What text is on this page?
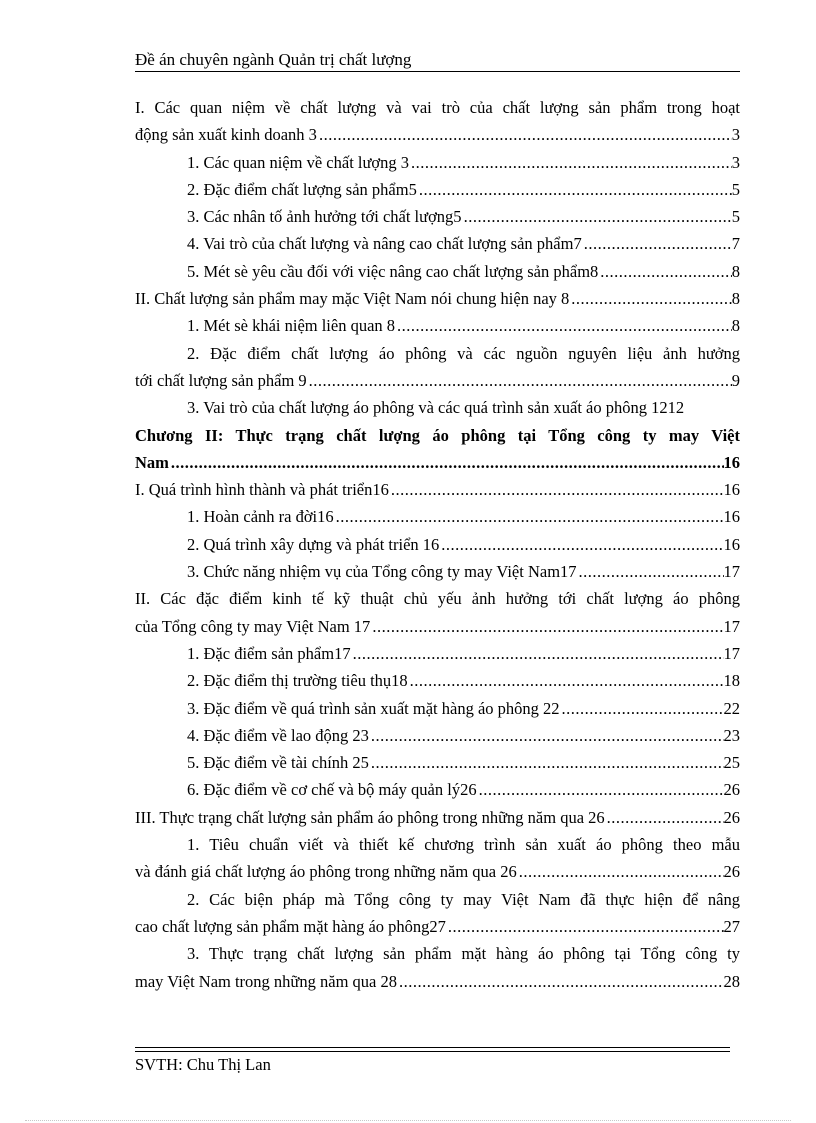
Đề án chuyên ngành Quản trị chất lượng
I. Các quan niệm về chất lượng và vai trò của chất lượng sản phẩm trong hoạt
động sản xuất kinh doanh 3 .....	3
1. Các quan niệm về chất lượng 3 .....	3
2. Đặc điểm chất lượng sản phẩm5 .....	5
3. Các nhân tố ảnh hưởng tới chất lượng5 .....	5
4. Vai trò của chất lượng và nâng cao chất lượng sản phẩm7 .....	7
5. Mét sè yêu cầu đối với việc nâng cao chất lượng sản phẩm8 .....	8
II. Chất lượng sản phẩm may mặc Việt Nam nói chung hiện nay 8 .....	8
1. Mét sè khái niệm liên quan 8 .....	8
2. Đặc điểm chất lượng áo phông và các nguồn nguyên liệu ảnh hưởng
tới chất lượng sản phẩm 9 .....	9
3. Vai trò của chất lượng áo phông và các quá trình sản xuất áo phông 1212
Chương II: Thực trạng chất lượng áo phông tại Tổng công ty may Việt
Nam .....	16
I. Quá trình hình thành và phát triển16 .....	16
1. Hoàn cảnh ra đời16 .....	16
2. Quá trình xây dựng và phát triển 16 .....	16
3. Chức năng nhiệm vụ của Tổng công ty may Việt Nam17 .....	17
II. Các đặc điểm kinh tế kỹ thuật chủ yếu ảnh hưởng tới chất lượng áo phông
của Tổng công ty may Việt Nam 17 .....	17
1. Đặc điểm sản phẩm17 .....	17
2. Đặc điểm thị trường tiêu thụ18 .....	18
3. Đặc điểm về quá trình sản xuất mặt hàng áo phông 22 .....	22
4. Đặc điểm về lao động 23 .....	23
5. Đặc điểm về tài chính 25 .....	25
6. Đặc điểm về cơ chế và bộ máy quản lý26 .....	26
III. Thực trạng chất lượng sản phẩm áo phông trong những năm qua 26 .....	26
1. Tiêu chuẩn viết và thiết kế chương trình sản xuất áo phông theo mẫu
và đánh giá chất lượng áo phông trong những năm qua 26 .....	26
2. Các biện pháp mà Tổng công ty may Việt Nam đã thực hiện để nâng
cao chất lượng sản phẩm mặt hàng áo phông27 .....	27
3. Thực trạng chất lượng sản phẩm mặt hàng áo phông tại Tổng công ty
may Việt Nam trong những năm qua 28 .....	28
SVTH: Chu Thị Lan
